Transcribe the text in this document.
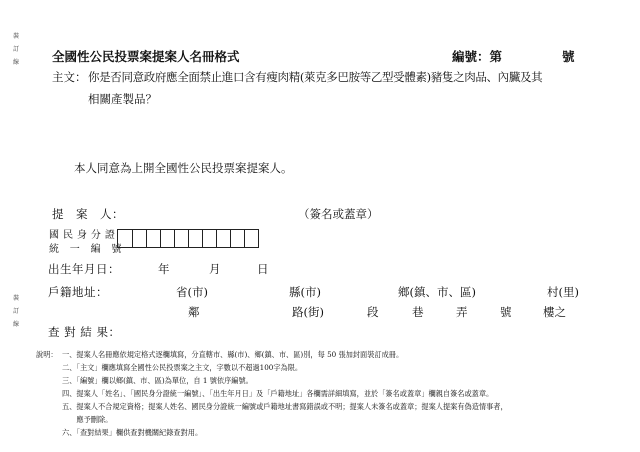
裝訂線
裝訂線
全國性公民投票案提案人名冊格式	編號：第	號
主文： 你是否同意政府應全面禁止進口含有瘦肉精(萊克多巴胺等乙型受體素)豬隻之肉品、內臟及其
相關產製品？
本人同意為上開全國性公民投票案提案人。
提　案　人：	（簽名或蓋章）
國 民 身 分 證
統　一　編　號
出生年月日：	年	月	日
戶籍地址：	省(市)	縣(市)	鄉(鎮、市、區)	村(里)
鄰	路(街)	段	巷	弄	號	樓之
查 對 結 果：
說明： 一、提案人名冊應依規定格式逐欄填寫，分直轄市、縣(市)、鄉(鎮、市、區)別，每 50 張加封面裝訂成冊。
二、「主文」欄應填寫全國性公民投票案之主文，字數以不超過100字為限。
三、「編號」欄以鄉(鎮、市、區)為單位，自 1 號依序編號。
四、提案人「姓名」、「國民身分證統一編號」、「出生年月日」及「戶籍地址」各欄需詳細填寫，並於「簽名或蓋章」欄親自簽名或蓋章。
五、提案人不合規定資格；提案人姓名、國民身分證統一編號或戶籍地址書寫錯誤或不明；提案人未簽名或蓋章；提案人提案有偽造情事者，
　　應予刪除。
六、「查對結果」欄供查對機關紀錄查對用。
